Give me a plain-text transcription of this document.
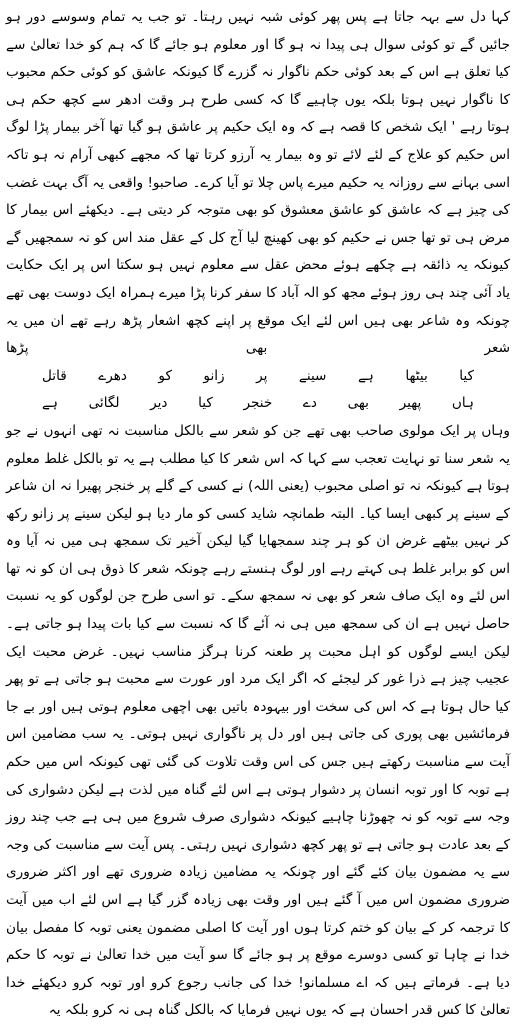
کہا دل سے بہہ جاتا ہے پس پھر کوئی شبہ نہیں رہتا۔ تو جب یہ تمام وسوسے دور ہو جائیں گے تو کوئی سوال ہی پیدا نہ ہو گا اور معلوم ہو جائے گا کہ ہم کو خدا تعالیٰ سے کیا تعلق ہے اس کے بعد کوئی حکم ناگوار نہ گزرے گا کیونکہ عاشق کو کوئی حکم محبوب کا ناگوار نہیں ہوتا بلکہ یوں چاہیے گا کہ کسی طرح ہر وقت ادھر سے کچھ حکم ہی ہوتا رہے ' ایک شخص کا قصہ ہے کہ وہ ایک حکیم پر عاشق ہو گیا تھا آخر بیمار پڑا لوگ اس حکیم کو علاج کے لئے لائے تو وہ بیمار یہ آرزو کرتا تھا کہ مجھے کبھی آرام نہ ہو تاکہ اسی بہانے سے روزانہ یہ حکیم میرے پاس چلا تو آیا کرے۔ صاحبو! واقعی یہ آگ بہت غضب کی چیز ہے کہ عاشق کو عاشق معشوق کو بھی متوجہ کر دیتی ہے۔ دیکھئے اس بیمار کا مرض ہی تو تھا جس نے حکیم کو بھی کھینچ لیا آج کل کے عقل مند اس کو نہ سمجھیں گے کیونکہ یہ ذائقہ ہے چکھے ہوئے محض عقل سے معلوم نہیں ہو سکتا اس پر ایک حکایت یاد آئی چند ہی روز ہوئے مجھ کو الہ آباد کا سفر کرنا پڑا میرے ہمراہ ایک دوست بھی تھے چونکہ وہ شاعر بھی ہیں اس لئے ایک موقع پر اپنے کچھ اشعار پڑھ رہے تھے ان میں یہ شعر بھی پڑھا

کیا بیٹھا ہے سینے پر زانو کو دھرے قاتل
ہاں پھیر بھی دے خنجر کیا دیر لگائی ہے

وہاں پر ایک مولوی صاحب بھی تھے جن کو شعر سے بالکل مناسبت نہ تھی انہوں نے جو یہ شعر سنا تو نہایت تعجب سے کہا کہ اس شعر کا کیا مطلب ہے یہ تو بالکل غلط معلوم ہوتا ہے کیونکہ نہ تو اصلی محبوب (یعنی اللہ) نے کسی کے گلے پر خنجر پھیرا نہ ان شاعر کے سینے پر کبھی ایسا کیا۔ البتہ طمانچہ شاید کسی کو مار دیا ہو لیکن سینے پر زانو رکھ کر نہیں بیٹھے غرض ان کو ہر چند سمجھایا گیا لیکن آخیر تک سمجھ ہی میں نہ آیا وہ اس کو برابر غلط ہی کہتے رہے اور لوگ ہنستے رہے چونکہ شعر کا ذوق ہی ان کو نہ تھا اس لئے وہ ایک صاف شعر کو بھی نہ سمجھ سکے۔ تو اسی طرح جن لوگوں کو یہ نسبت حاصل نہیں ہے ان کی سمجھ میں ہی نہ آئے گا کہ نسبت سے کیا بات پیدا ہو جاتی ہے۔ لیکن ایسے لوگوں کو اہل محبت پر طعنہ کرنا ہرگز مناسب نہیں۔ غرض محبت ایک عجیب چیز ہے ذرا غور کر لیجئے کہ اگر ایک مرد اور عورت سے محبت ہو جاتی ہے تو پھر کیا حال ہوتا ہے کہ اس کی سخت اور بیہودہ باتیں بھی اچھی معلوم ہوتی ہیں اور بے جا فرمائشیں بھی پوری کی جاتی ہیں اور دل پر ناگواری نہیں ہوتی۔ یہ سب مضامین اس آیت سے مناسبت رکھتے ہیں جس کی اس وقت تلاوت کی گئی تھی کیونکہ اس میں حکم ہے توبہ کا اور توبہ انسان پر دشوار ہوتی ہے اس لئے گناہ میں لذت ہے لیکن دشواری کی وجہ سے توبہ کو نہ چھوڑنا چاہیے کیونکہ دشواری صرف شروع میں ہی ہے جب چند روز کے بعد عادت ہو جاتی ہے تو پھر کچھ دشواری نہیں رہتی۔ پس آیت سے مناسبت کی وجہ سے یہ مضمون بیان کئے گئے اور چونکہ یہ مضامین زیادہ ضروری تھے اور اکثر ضروری ضروری مضمون اس میں آ گئے ہیں اور وقت بھی زیادہ گزر گیا ہے اس لئے اب میں آیت کا ترجمہ کر کے بیان کو ختم کرتا ہوں اور آیت کا اصلی مضمون یعنی توبہ کا مفصل بیان خدا نے چاہا تو کسی دوسرے موقع پر ہو جائے گا سو آیت میں خدا تعالیٰ نے توبہ کا حکم دیا ہے۔ فرماتے ہیں کہ اے مسلمانو! خدا کی جانب رجوع کرو اور توبہ کرو دیکھئے خدا تعالیٰ کا کس قدر احسان ہے کہ یوں نہیں فرمایا کہ بالکل گناہ ہی نہ کرو بلکہ یہ
